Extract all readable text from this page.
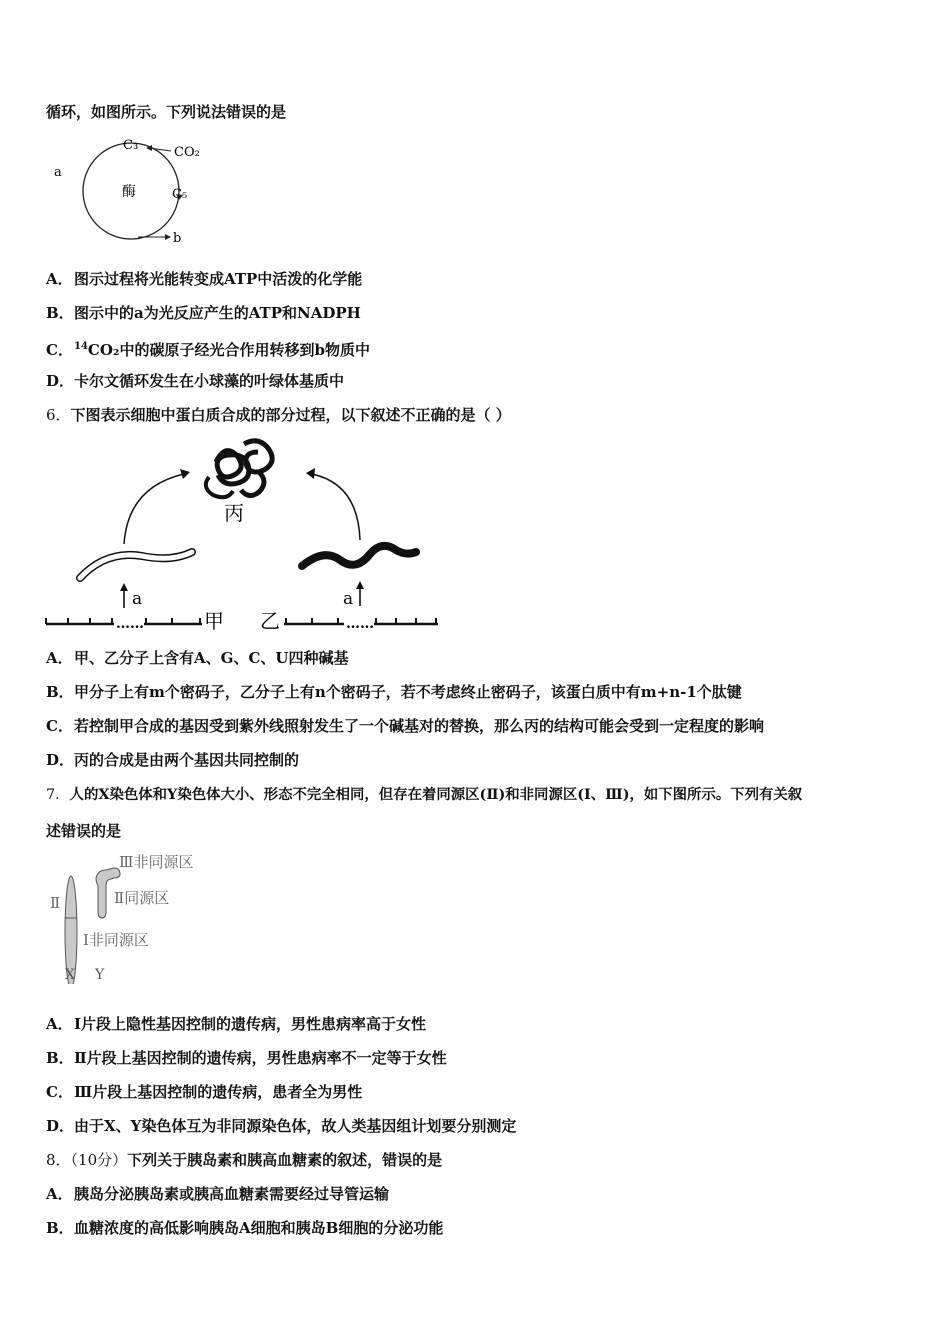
循环，如图所示。下列说法错误的是
C₃	CO₂
酶	C₅
a
b
A．图示过程将光能转变成ATP中活泼的化学能
B．图示中的a为光反应产生的ATP和NADPH
C．$^{14}$CO₂中的碳原子经光合作用转移到b物质中
D．卡尔文循环发生在小球藻的叶绿体基质中
6．下图表示细胞中蛋白质合成的部分过程，以下叙述不正确的是（ ）
丙
a	a
……	甲 乙	……
A．甲、乙分子上含有A、G、C、U四种碱基
B．甲分子上有m个密码子，乙分子上有n个密码子，若不考虑终止密码子，该蛋白质中有m+n-1个肽键
C．若控制甲合成的基因受到紫外线照射发生了一个碱基对的替换，那么丙的结构可能会受到一定程度的影响
D．丙的合成是由两个基因共同控制的
7．人的X染色体和Y染色体大小、形态不完全相同，但存在着同源区(Ⅱ)和非同源区(Ⅰ、Ⅲ)，如下图所示。下列有关叙
述错误的是
Ⅲ非同源区
Ⅱ同源区
Ⅰ非同源区
Ⅱ
X Y
A．Ⅰ片段上隐性基因控制的遗传病，男性患病率高于女性
B．Ⅱ片段上基因控制的遗传病，男性患病率不一定等于女性
C．Ⅲ片段上基因控制的遗传病，患者全为男性
D．由于X、Y染色体互为非同源染色体，故人类基因组计划要分别测定
8．（10分）下列关于胰岛素和胰高血糖素的叙述，错误的是
A．胰岛分泌胰岛素或胰高血糖素需要经过导管运输
B．血糖浓度的高低影响胰岛A细胞和胰岛B细胞的分泌功能
